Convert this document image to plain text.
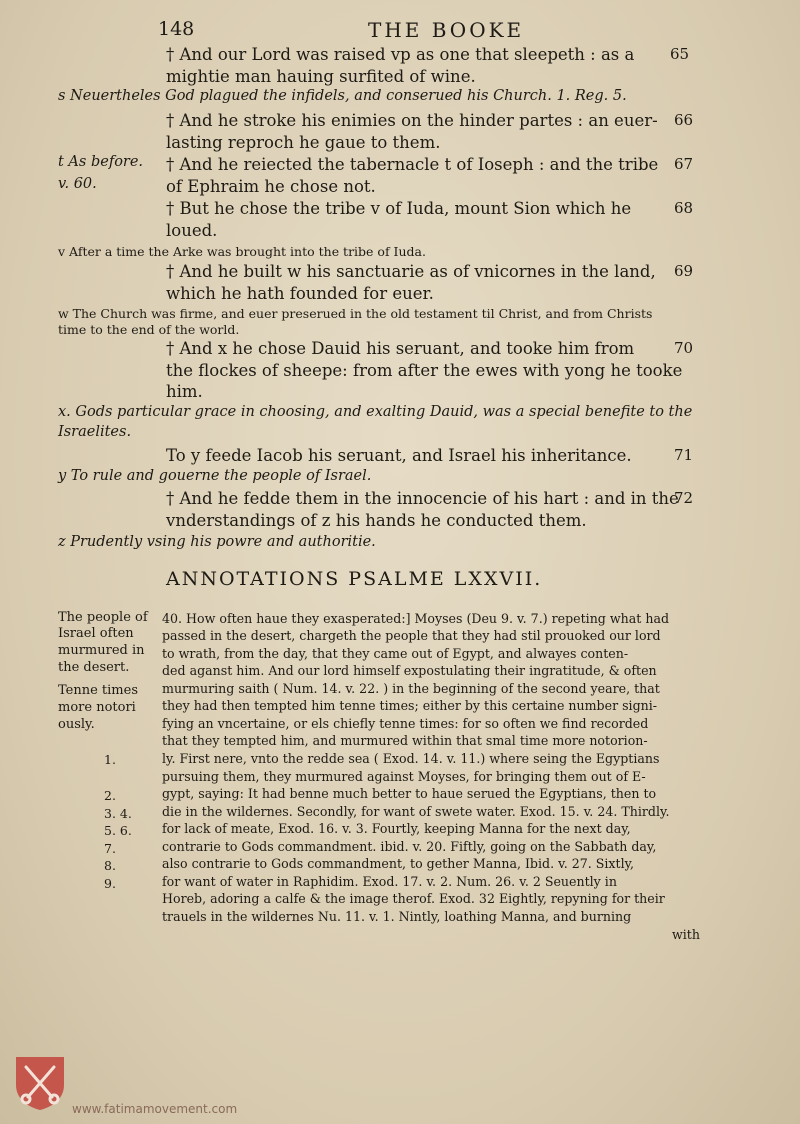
148	THE BOOKE
† And our Lord was raised vp as one that sleepeth : as a 65
mightie man hauing surfited of wine.
s Neuertheles God plagued the infidels, and conserued his Church. 1. Reg. 5.
† And he stroke his enimies on the hinder partes : an euer- 66
lasting reproch he gaue to them.
t As before.
v. 60.
† And he reiected the tabernacle t of Ioseph : and the tribe 67
of Ephraim he chose not.
† But he chose the tribe v of Iuda, mount Sion which he	68
loued.
v After a time the Arke was brought into the tribe of Iuda.
† And he built w his sanctuarie as of vnicornes in the land, 69
which he hath founded for euer.
w The Church was firme, and euer preserued in the old testament til Christ, and from Christs
time to the end of the world.
† And x he chose Dauid his seruant, and tooke him from	70
the flockes of sheepe: from after the ewes with yong he tooke
him.
x. Gods particular grace in choosing, and exalting Dauid, was a special benefite to the
Israelites.
To y feede Iacob his seruant, and Israel his inheritance.	71
y To rule and gouerne the people of Israel.
† And he fedde them in the innocencie of his hart : and in the
72
vnderstandings of z his hands he conducted them.
z Prudently vsing his powre and authoritie.
ANNOTATIONS PSALME LXXVII.
The people of
Israel often
murmured in
the desert.
Tenne times
more notori
ously.
1.
2.
3. 4.
5. 6.
7.
8.
9.
40. How often haue they exasperated:] Moyses (Deu 9. v. 7.) repeting what had
passed in the desert, chargeth the people that they had stil prouoked our lord
to wrath, from the day, that they came out of Egypt, and alwayes conten-
ded aganst him. And our lord himself expostulating their ingratitude, & often
murmuring saith ( Num. 14. v. 22. ) in the beginning of the second yeare, that
they had then tempted him tenne times; either by this certaine number signi-
fying an vncertaine, or els chiefly tenne times: for so often we find recorded
that they tempted him, and murmured within that smal time more notorion-
ly. First nere, vnto the redde sea ( Exod. 14. v. 11.) where seing the Egyptians
pursuing them, they murmured against Moyses, for bringing them out of E-
gypt, saying: It had benne much better to haue serued the Egyptians, then to
die in the wildernes. Secondly, for want of swete water. Exod. 15. v. 24. Thirdly.
for lack of meate, Exod. 16. v. 3. Fourtly, keeping Manna for the next day,
contrarie to Gods commandment. ibid. v. 20. Fiftly, going on the Sabbath day,
also contrarie to Gods commandment, to gether Manna, Ibid. v. 27. Sixtly,
for want of water in Raphidim. Exod. 17. v. 2. Num. 26. v. 2 Seuently in
Horeb, adoring a calfe & the image therof. Exod. 32 Eightly, repyning for their
trauels in the wildernes Nu. 11. v. 1. Nintly, loathing Manna, and burning
with
www.fatimamovement.com
